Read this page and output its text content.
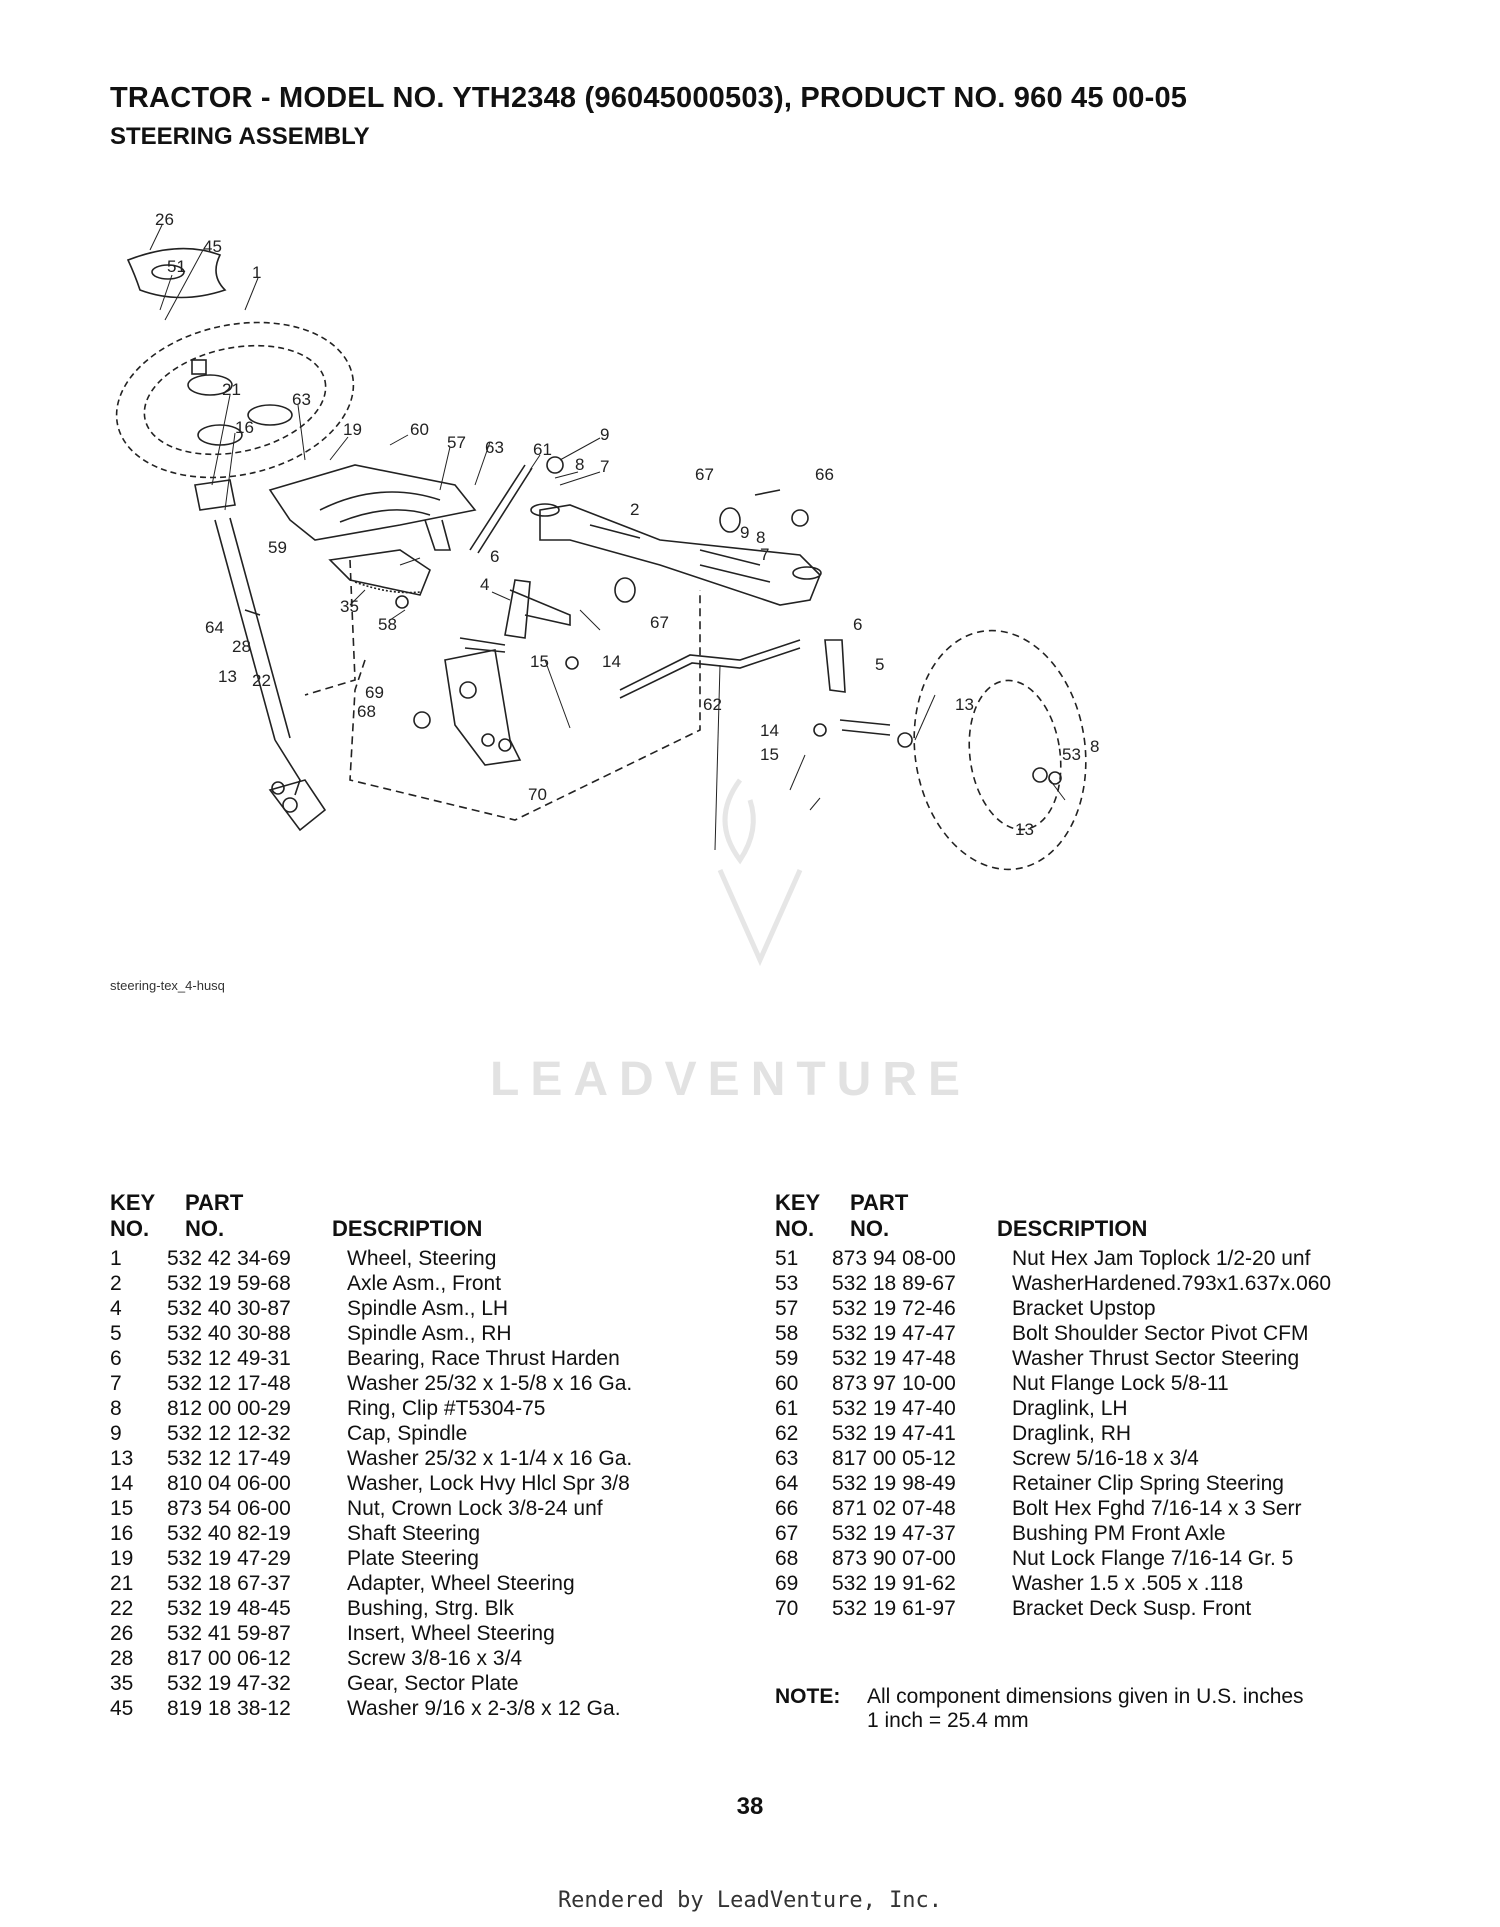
TRACTOR - MODEL NO. YTH2348 (96045000503), PRODUCT NO. 960 45 00-05
STEERING ASSEMBLY
LEADVENTURE
26
45
51	1
21
16
63
19	60
57 63 61
9
8 7	67	66
2
9 8
7
6
59
35
58
4
64
28
13 22
15	14
67	6
5
69
68
70
62	13
14
15	53 8
13
steering-tex_4-husq
KEY
NO.
PART
NO.	DESCRIPTION
1 532 42 34-69	Wheel, Steering
2 532 19 59-68	Axle Asm., Front
4 532 40 30-87	Spindle Asm., LH
5 532 40 30-88	Spindle Asm., RH
6 532 12 49-31	Bearing, Race Thrust Harden
7 532 12 17-48	Washer 25/32 x 1-5/8 x 16 Ga.
8 812 00 00-29	Ring, Clip #T5304-75
9 532 12 12-32	Cap, Spindle
13 532 12 17-49	Washer 25/32 x 1-1/4 x 16 Ga.
14 810 04 06-00	Washer, Lock Hvy Hlcl Spr 3/8
15 873 54 06-00	Nut, Crown Lock 3/8-24 unf
16 532 40 82-19	Shaft Steering
19 532 19 47-29	Plate Steering
21 532 18 67-37	Adapter, Wheel Steering
22 532 19 48-45	Bushing, Strg. Blk
26 532 41 59-87	Insert, Wheel Steering
28 817 00 06-12	Screw 3/8-16 x 3/4
35 532 19 47-32	Gear, Sector Plate
45 819 18 38-12	Washer 9/16 x 2-3/8 x 12 Ga.
KEY
NO.
PART
NO.	DESCRIPTION
51 873 94 08-00	Nut Hex Jam Toplock 1/2-20 unf
53 532 18 89-67	WasherHardened.793x1.637x.060
57 532 19 72-46	Bracket Upstop
58 532 19 47-47	Bolt Shoulder Sector Pivot CFM
59 532 19 47-48	Washer Thrust Sector Steering
60 873 97 10-00	Nut Flange Lock 5/8-11
61 532 19 47-40	Draglink, LH
62 532 19 47-41	Draglink, RH
63 817 00 05-12	Screw 5/16-18 x 3/4
64 532 19 98-49	Retainer Clip Spring Steering
66 871 02 07-48	Bolt Hex Fghd 7/16-14 x 3 Serr
67 532 19 47-37	Bushing PM Front Axle
68 873 90 07-00	Nut Lock Flange 7/16-14 Gr. 5
69 532 19 91-62	Washer 1.5 x .505 x .118
70 532 19 61-97	Bracket Deck Susp. Front
NOTE: All component dimensions given in U.S. inches
1 inch = 25.4 mm
38
Rendered by LeadVenture, Inc.
